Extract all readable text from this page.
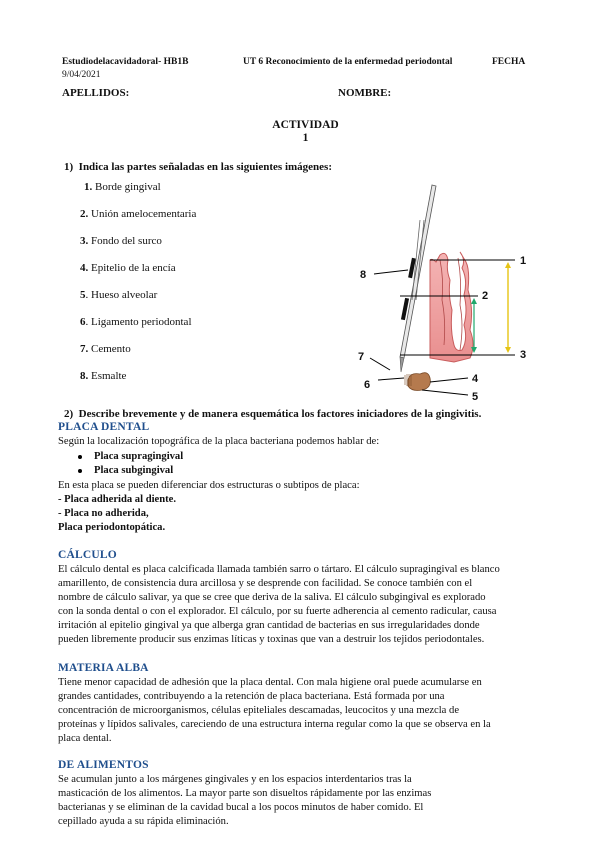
Estudiodelacavidadoral- HB1B
9/04/2021
UT 6 Reconocimiento de la enfermedad periodontal	FECHA
APELLIDOS:	NOMBRE:
ACTIVIDAD
1
1)  Indica las partes señaladas en las siguientes imágenes:
1. Borde gingival
2. Unión amelocementaria
3. Fondo del surco
4. Epitelio de la encía
5. Hueso alveolar
6. Ligamento periodontal
7. Cemento
8. Esmalte
1
2
3
4
5
6
7
8
2)  Describe brevemente y de manera esquemática los factores iniciadores de la gingivitis.
PLACA DENTAL
Según la localización topográfica de la placa bacteriana podemos hablar de:
Placa supragingival
Placa subgingival
En esta placa se pueden diferenciar dos estructuras o subtipos de placa:
- Placa adherida al diente.
- Placa no adherida,
Placa periodontopática.
CÁLCULO
El cálculo dental es placa calcificada llamada también sarro o tártaro. El cálculo supragingival es blanco
amarillento, de consistencia dura arcillosa y se desprende con facilidad. Se conoce también con el
nombre de cálculo salivar, ya que se cree que deriva de la saliva. El cálculo subgingival es explorado
con la sonda dental o con el explorador. El cálculo, por su fuerte adherencia al cemento radicular, causa
irritación al epitelio gingival ya que alberga gran cantidad de bacterias en sus irregularidades donde
pueden libremente producir sus enzimas líticas y toxinas que van a destruir los tejidos periodontales.
MATERIA ALBA
Tiene menor capacidad de adhesión que la placa dental. Con mala higiene oral puede acumularse en
grandes cantidades, contribuyendo a la retención de placa bacteriana. Está formada por una
concentración de microorganismos, células epiteliales descamadas, leucocitos y una mezcla de
proteínas y lípidos salivales, careciendo de una estructura interna regular como la que se observa en la
placa dental.
DE ALIMENTOS
Se acumulan junto a los márgenes gingivales y en los espacios interdentarios tras la
masticación de los alimentos. La mayor parte son disueltos rápidamente por las enzimas
bacterianas y se eliminan de la cavidad bucal a los pocos minutos de haber comido. El
cepillado ayuda a su rápida eliminación.
